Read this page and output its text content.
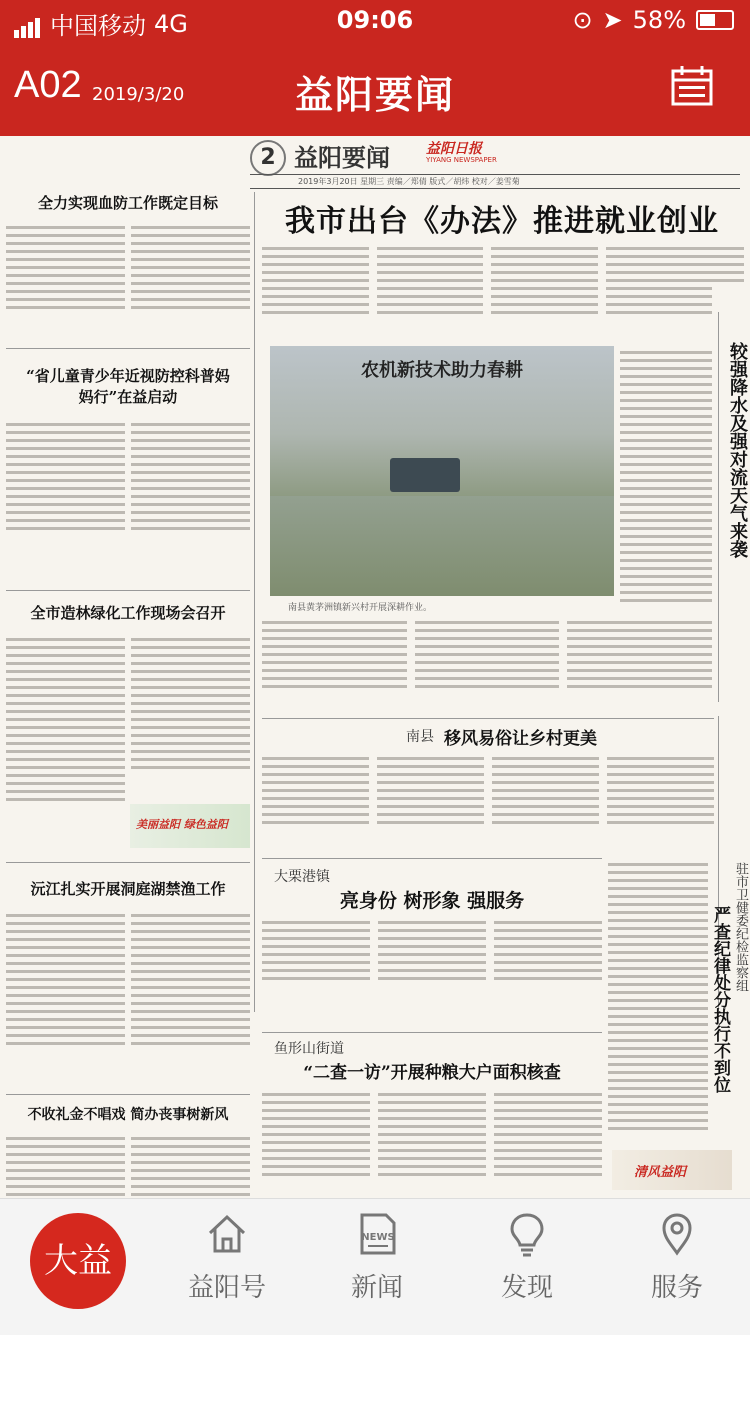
中国移动 4G	09:06	⊙ ➤ 58%
A02 2019/3/20	益阳要闻
2 益阳要闻	益阳日报
YIYANG NEWSPAPER
2019年3月20日 星期三 责编／郑倩 版式／胡炜 校对／姜雪菊
全力实现血防工作既定目标
“省儿童青少年近视防控科普妈妈行”在益启动
全市造林绿化工作现场会召开
美丽益阳 绿色益阳
沅江扎实开展洞庭湖禁渔工作
不收礼金不唱戏 简办丧事树新风
我市出台《办法》推进就业创业
农机新技术助力春耕
南县黄茅洲镇新兴村开展深耕作业。
较强降水及强对流天气来袭
南县 移风易俗让乡村更美
大栗港镇
亮身份 树形象 强服务	驻市卫健委纪检监察组
严查纪律处分执行不到位
鱼形山街道
“二查一访”开展种粮大户面积核查
清风益阳
大益阳
益阳号
NEWS
新闻	发现	服务
